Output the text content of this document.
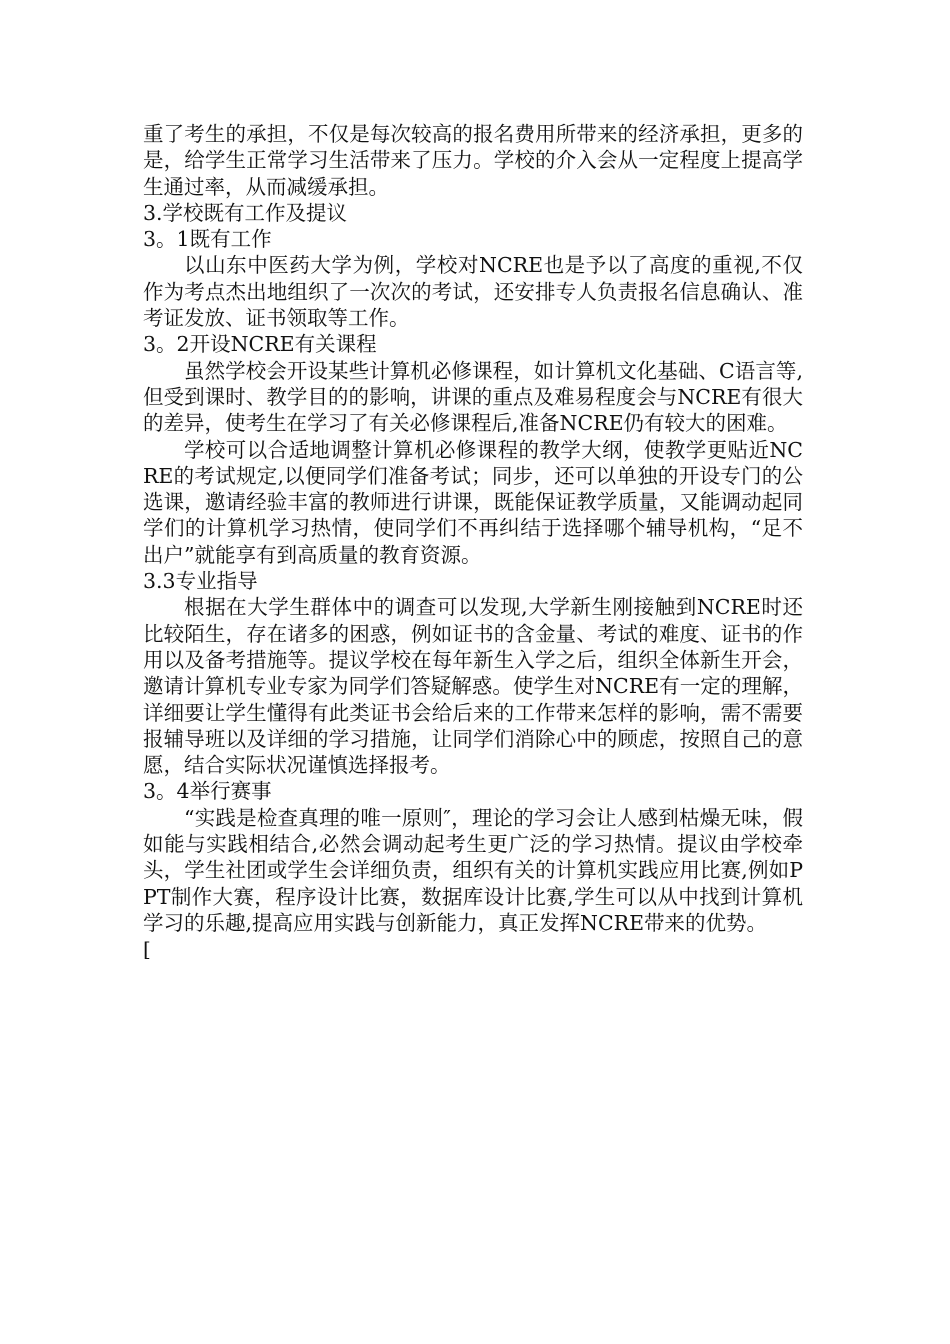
重了考生的承担，不仅是每次较高的报名费用所带来的经济承担，更多的是，给学生正常学习生活带来了压力。学校的介入会从一定程度上提高学生通过率，从而减缓承担。

3.学校既有工作及提议

3。1既有工作

以山东中医药大学为例，学校对NCRE也是予以了高度的重视,不仅作为考点杰出地组织了一次次的考试，还安排专人负责报名信息确认、准考证发放、证书领取等工作。

3。2开设NCRE有关课程

虽然学校会开设某些计算机必修课程，如计算机文化基础、C语言等,但受到课时、教学目的的影响，讲课的重点及难易程度会与NCRE有很大的差异，使考生在学习了有关必修课程后,准备NCRE仍有较大的困难。

学校可以合适地调整计算机必修课程的教学大纲，使教学更贴近NCRE的考试规定,以便同学们准备考试；同步，还可以单独的开设专门的公选课，邀请经验丰富的教师进行讲课，既能保证教学质量，又能调动起同学们的计算机学习热情，使同学们不再纠结于选择哪个辅导机构，“足不出户”就能享有到高质量的教育资源。

3.3专业指导

根据在大学生群体中的调查可以发现,大学新生刚接触到NCRE时还比较陌生，存在诸多的困惑，例如证书的含金量、考试的难度、证书的作用以及备考措施等。提议学校在每年新生入学之后，组织全体新生开会，邀请计算机专业专家为同学们答疑解惑。使学生对NCRE有一定的理解，详细要让学生懂得有此类证书会给后来的工作带来怎样的影响，需不需要报辅导班以及详细的学习措施，让同学们消除心中的顾虑，按照自己的意愿，结合实际状况谨慎选择报考。

3。4举行赛事

“实践是检查真理的唯一原则″，理论的学习会让人感到枯燥无味，假如能与实践相结合,必然会调动起考生更广泛的学习热情。提议由学校牵头，学生社团或学生会详细负责，组织有关的计算机实践应用比赛,例如PPT制作大赛，程序设计比赛，数据库设计比赛,学生可以从中找到计算机学习的乐趣,提高应用实践与创新能力，真正发挥NCRE带来的优势。

[
